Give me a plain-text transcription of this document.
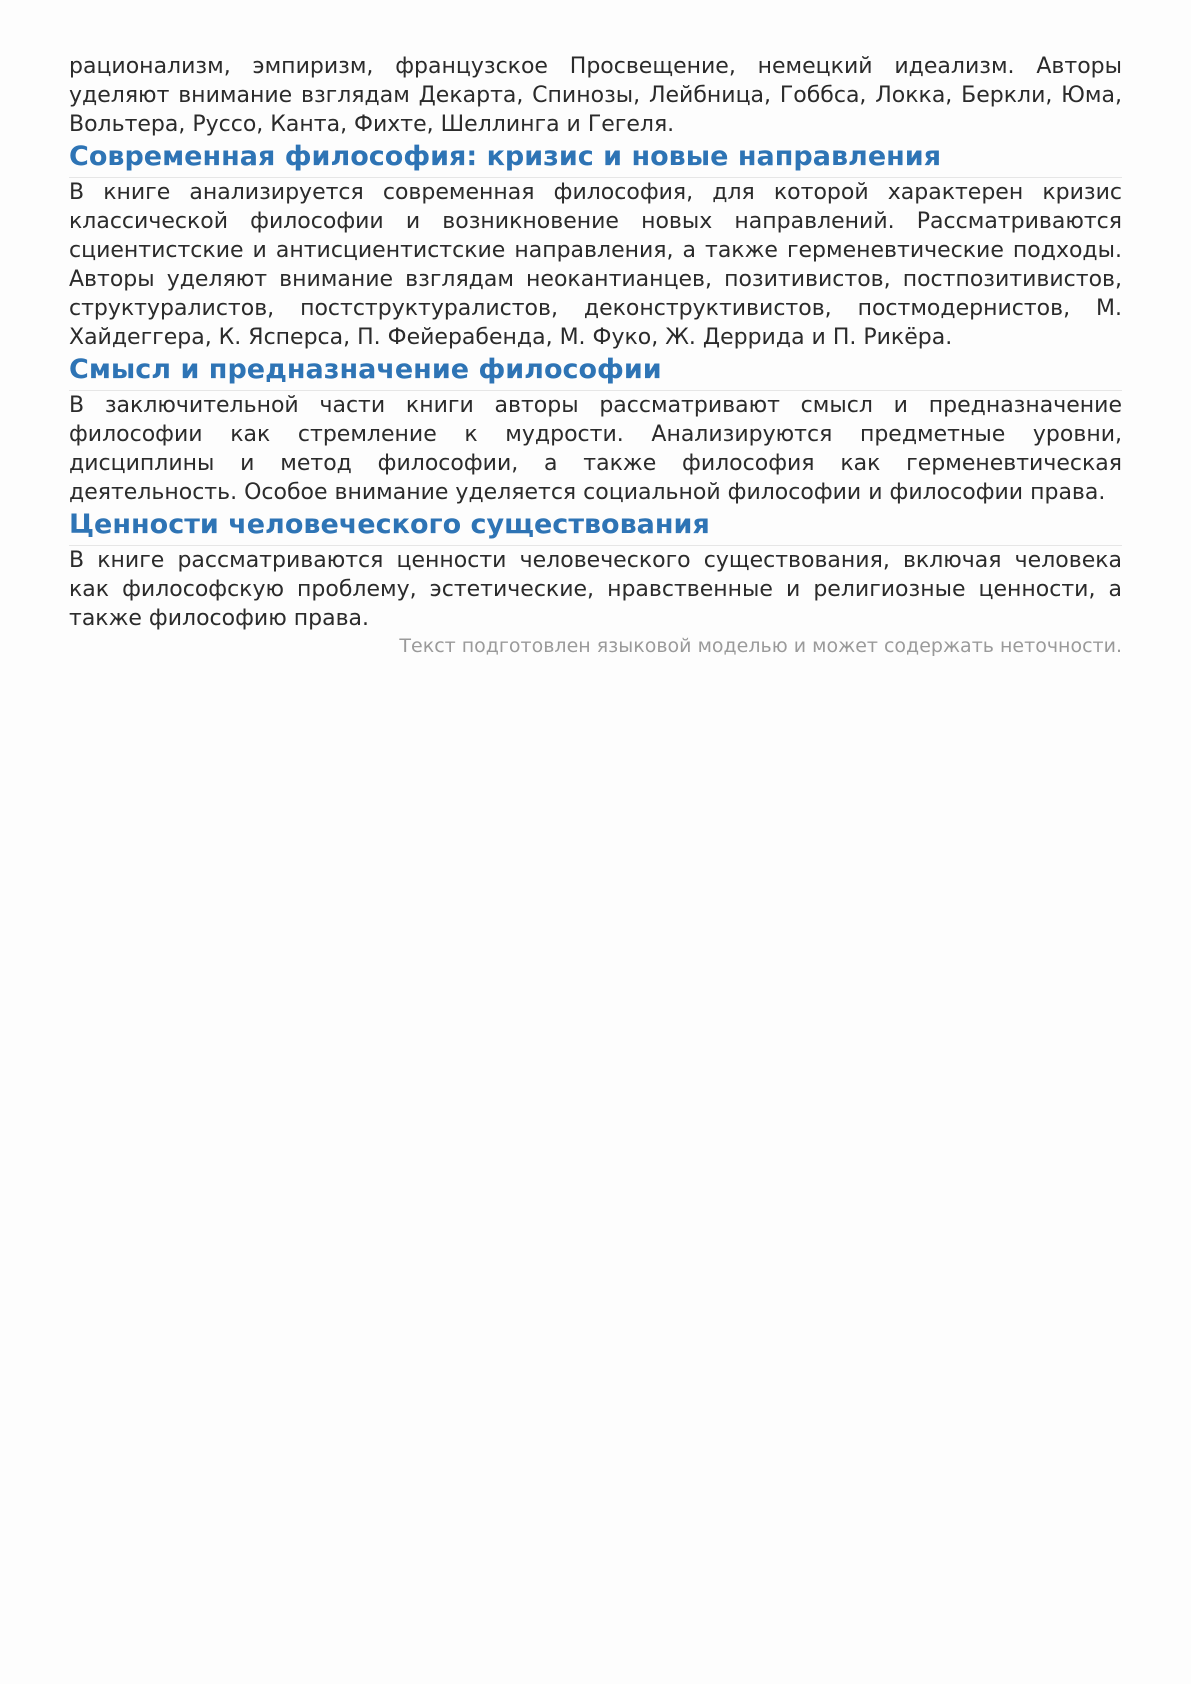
рационализм, эмпиризм, французское Просвещение, немецкий идеализм. Авторы уделяют внимание взглядам Декарта, Спинозы, Лейбница, Гоббса, Локка, Беркли, Юма, Вольтера, Руссо, Канта, Фихте, Шеллинга и Гегеля.

Современная философия: кризис и новые направления

В книге анализируется современная философия, для которой характерен кризис классической философии и возникновение новых направлений. Рассматриваются сциентистские и антисциентистские направления, а также герменевтические подходы. Авторы уделяют внимание взглядам неокантианцев, позитивистов, постпозитивистов, структуралистов, постструктуралистов, деконструктивистов, постмодернистов, М. Хайдеггера, К. Ясперса, П. Фейерабенда, М. Фуко, Ж. Деррида и П. Рикёра.

Смысл и предназначение философии

В заключительной части книги авторы рассматривают смысл и предназначение философии как стремление к мудрости. Анализируются предметные уровни, дисциплины и метод философии, а также философия как герменевтическая деятельность. Особое внимание уделяется социальной философии и философии права.

Ценности человеческого существования

В книге рассматриваются ценности человеческого существования, включая человека как философскую проблему, эстетические, нравственные и религиозные ценности, а также философию права.

Текст подготовлен языковой моделью и может содержать неточности.
